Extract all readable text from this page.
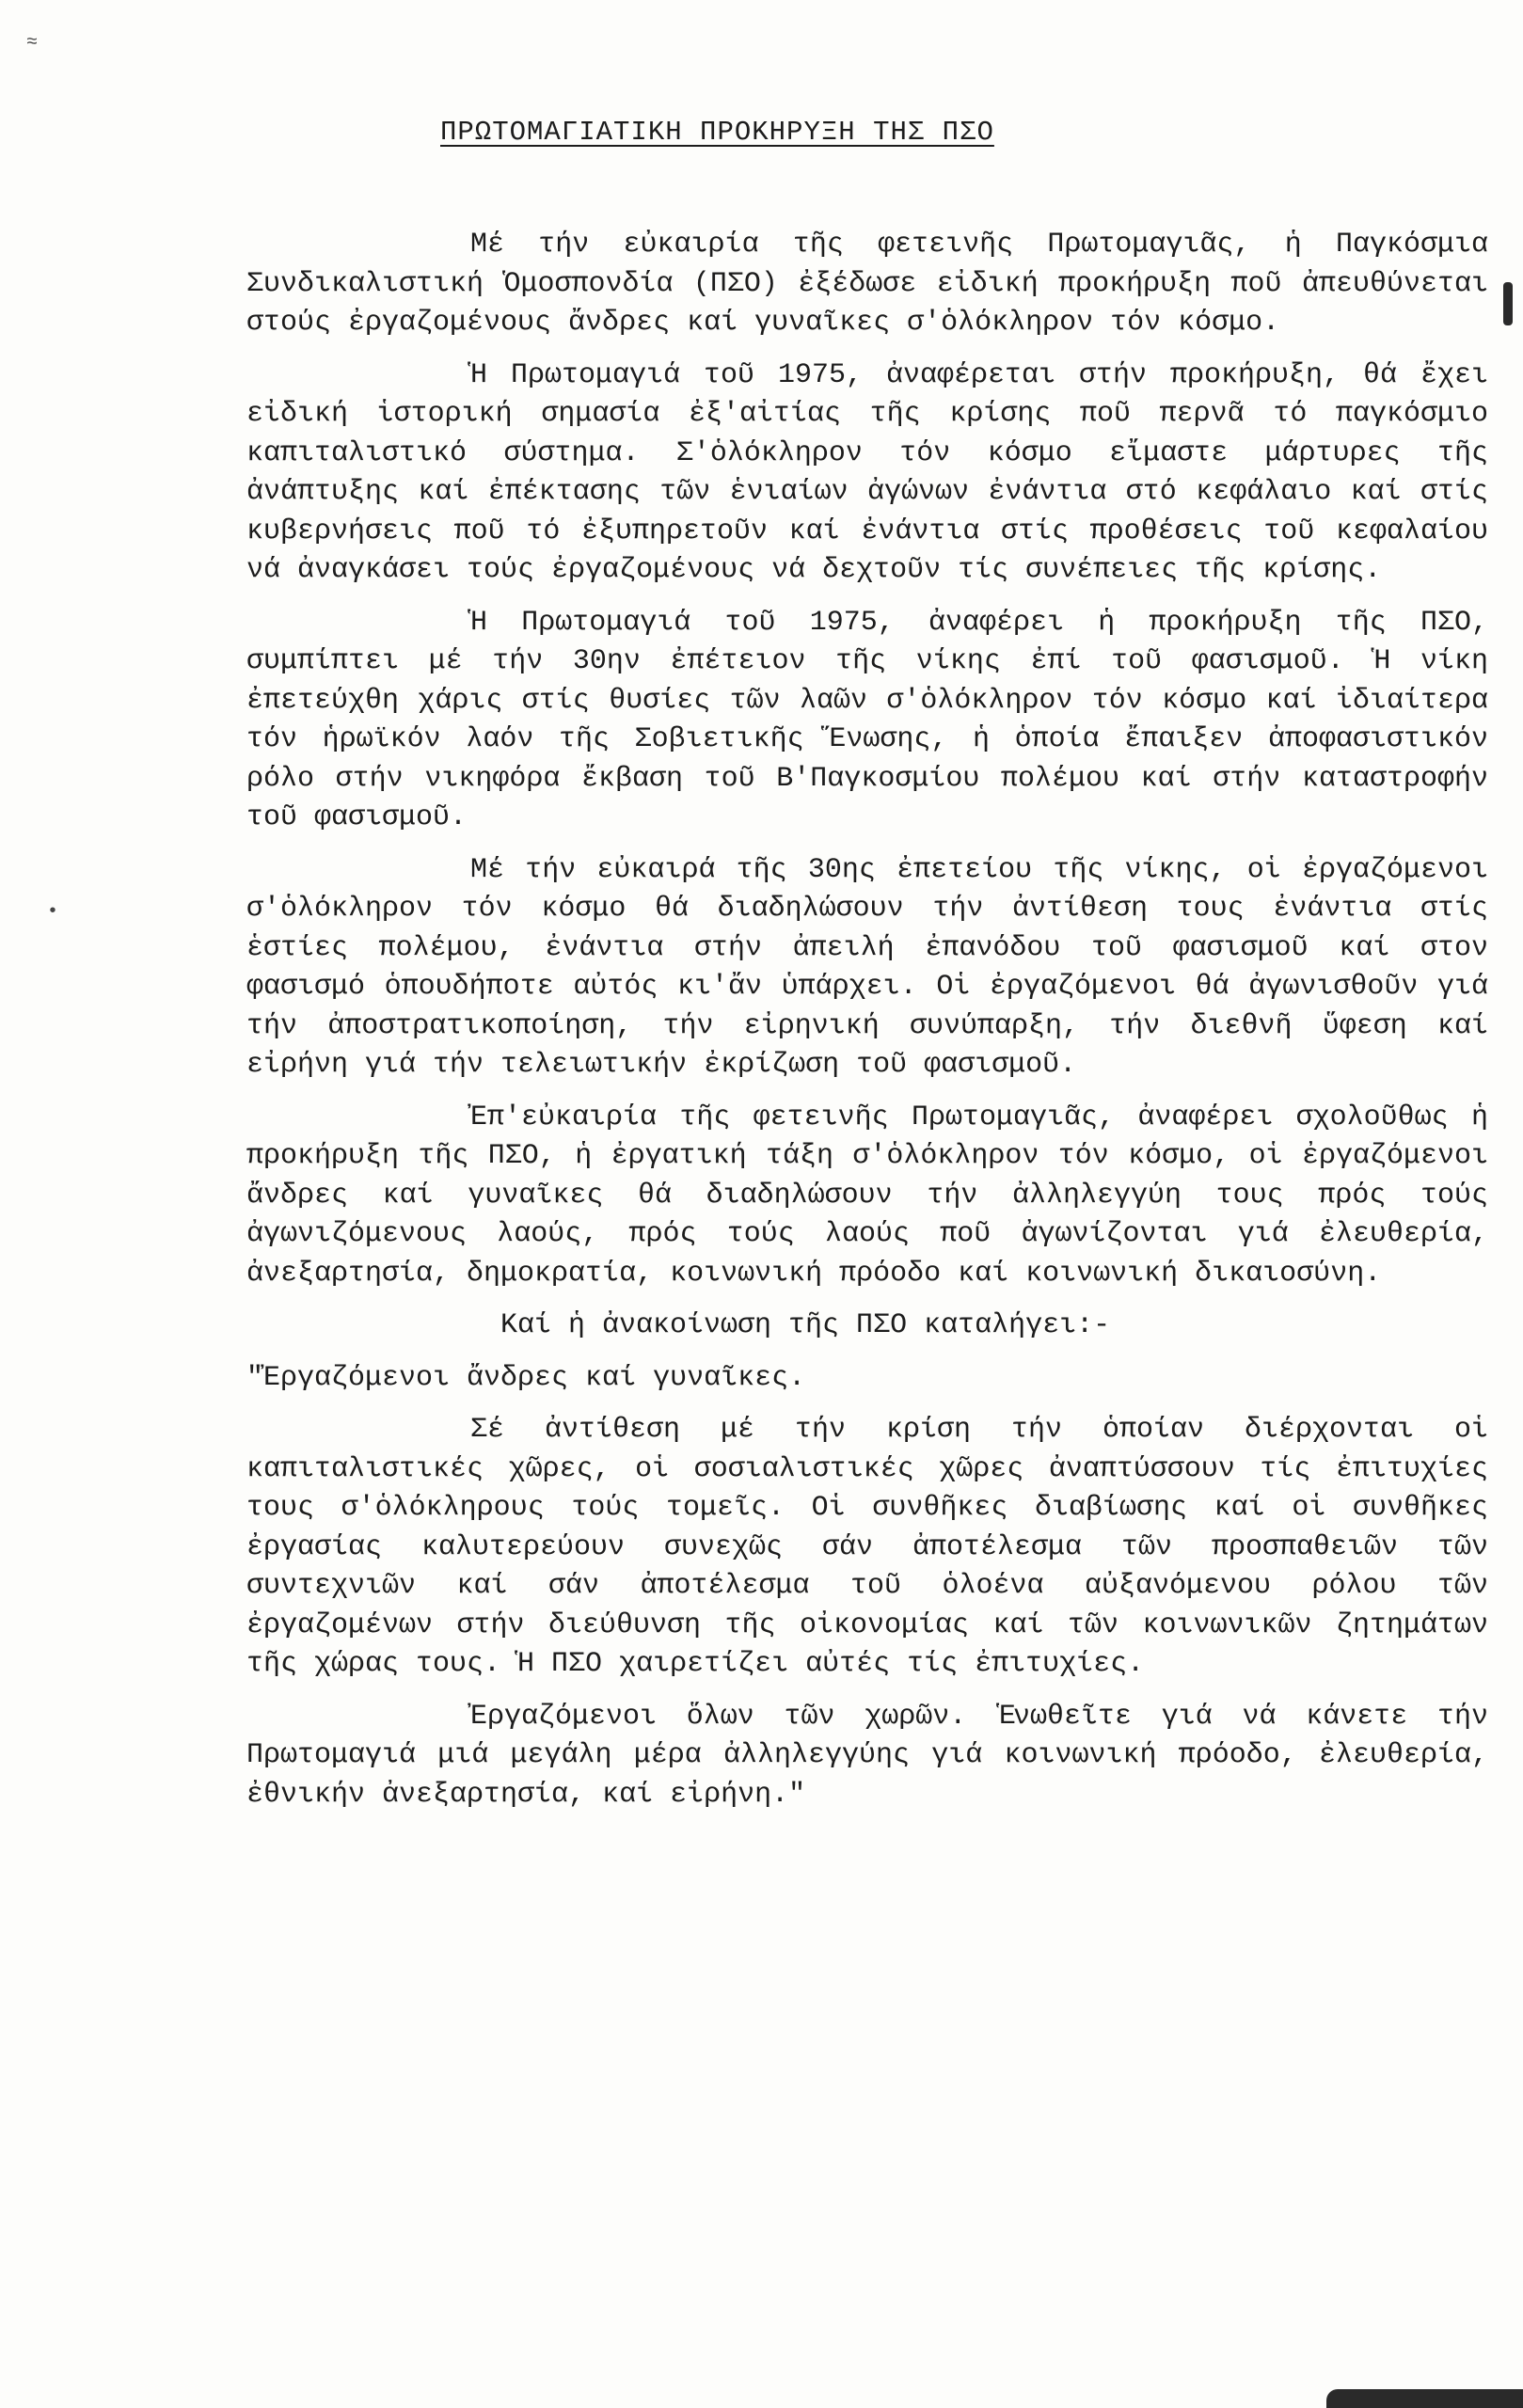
≈
•
ΠΡΩΤΟΜΑΓΙΑΤΙΚΗ ΠΡΟΚΗΡΥΞΗ ΤΗΣ ΠΣΟ

Μέ τήν εὐκαιρία τῆς φετεινῆς Πρωτομαγιᾶς, ἡ Παγκόσμια Συνδικαλιστική Ὁμοσπονδία (ΠΣΟ) ἐξέδωσε εἰδική προκήρυξη ποῦ ἀπευθύνεται στούς ἐργαζομένους ἄνδρες καί γυναῖκες σ'ὁλόκληρον τόν κόσμο.

Ἡ Πρωτομαγιά τοῦ 1975, ἀναφέρεται στήν προκήρυξη, θά ἔχει εἰδική ἱστορική σημασία ἐξ'αἰτίας τῆς κρίσης ποῦ περνᾶ τό παγκόσμιο καπιταλιστικό σύστημα. Σ'ὁλόκληρον τόν κόσμο εἴμαστε μάρτυρες τῆς ἀνάπτυξης καί ἐπέκτασης τῶν ἑνιαίων ἀγώνων ἐνάντια στό κεφάλαιο καί στίς κυβερνήσεις ποῦ τό ἐξυπηρετοῦν καί ἐνάντια στίς προθέσεις τοῦ κεφαλαίου νά ἀναγκάσει τούς ἐργαζομένους νά δεχτοῦν τίς συνέπειες τῆς κρίσης.

Ἡ Πρωτομαγιά τοῦ 1975, ἀναφέρει ἡ προκήρυξη τῆς ΠΣΟ, συμπίπτει μέ τήν 30ην ἐπέτειον τῆς νίκης ἐπί τοῦ φασισμοῦ. Ἡ νίκη ἐπετεύχθη χάρις στίς θυσίες τῶν λαῶν σ'ὁλόκληρον τόν κόσμο καί ἰδιαίτερα τόν ἡρωϊκόν λαόν τῆς Σοβιετικῆς Ἕνωσης, ἡ ὁποία ἔπαιξεν ἀποφασιστικόν ρόλο στήν νικηφόρα ἔκβαση τοῦ Β'Παγκοσμίου πολέμου καί στήν καταστροφήν τοῦ φασισμοῦ.

Μέ τήν εὐκαιρά τῆς 30ης ἐπετείου τῆς νίκης, οἱ ἐργαζόμενοι σ'ὁλόκληρον τόν κόσμο θά διαδηλώσουν τήν ἀντίθεση τους ἐνάντια στίς ἑστίες πολέμου, ἐνάντια στήν ἀπειλή ἐπανόδου τοῦ φασισμοῦ καί στον φασισμό ὁπουδήποτε αὐτός κι'ἄν ὑπάρχει. Οἱ ἐργαζόμενοι θά ἀγωνισθοῦν γιά τήν ἀποστρατικοποίηση, τήν εἰρηνική συνύπαρξη, τήν διεθνῆ ὕφεση καί εἰρήνη γιά τήν τελειωτικήν ἐκρίζωση τοῦ φασισμοῦ.

Ἐπ'εὐκαιρία τῆς φετεινῆς Πρωτομαγιᾶς, ἀναφέρει σχολοῦθως ἡ προκήρυξη τῆς ΠΣΟ, ἡ ἐργατική τάξη σ'ὁλόκληρον τόν κόσμο, οἱ ἐργαζόμενοι ἄνδρες καί γυναῖκες θά διαδηλώσουν τήν ἀλληλεγγύη τους πρός τούς ἀγωνιζόμενους λαούς, πρός τούς λαούς ποῦ ἀγωνίζονται γιά ἐλευθερία, ἀνεξαρτησία, δημοκρατία, κοινωνική πρόοδο καί κοινωνική δικαιοσύνη.

Καί ἡ ἀνακοίνωση τῆς ΠΣΟ καταλήγει:-

"Ἐργαζόμενοι ἄνδρες καί γυναῖκες.

Σέ ἀντίθεση μέ τήν κρίση τήν ὁποίαν διέρχονται οἱ καπιταλιστικές χῶρες, οἱ σοσιαλιστικές χῶρες ἀναπτύσσουν τίς ἐπιτυχίες τους σ'ὁλόκληρους τούς τομεῖς. Οἱ συνθῆκες διαβίωσης καί οἱ συνθῆκες ἐργασίας καλυτερεύουν συνεχῶς σάν ἀποτέλεσμα τῶν προσπαθειῶν τῶν συντεχνιῶν καί σάν ἀποτέλεσμα τοῦ ὁλοένα αὐξανόμενου ρόλου τῶν ἐργαζομένων στήν διεύθυνση τῆς οἰκονομίας καί τῶν κοινωνικῶν ζητημάτων τῆς χώρας τους. Ἡ ΠΣΟ χαιρετίζει αὐτές τίς ἐπιτυχίες.

Ἐργαζόμενοι ὅλων τῶν χωρῶν. Ἑνωθεῖτε γιά νά κάνετε τήν Πρωτομαγιά μιά μεγάλη μέρα ἀλληλεγγύης γιά κοινωνική πρόοδο, ἐλευθερία, ἐθνικήν ἀνεξαρτησία, καί εἰρήνη."
